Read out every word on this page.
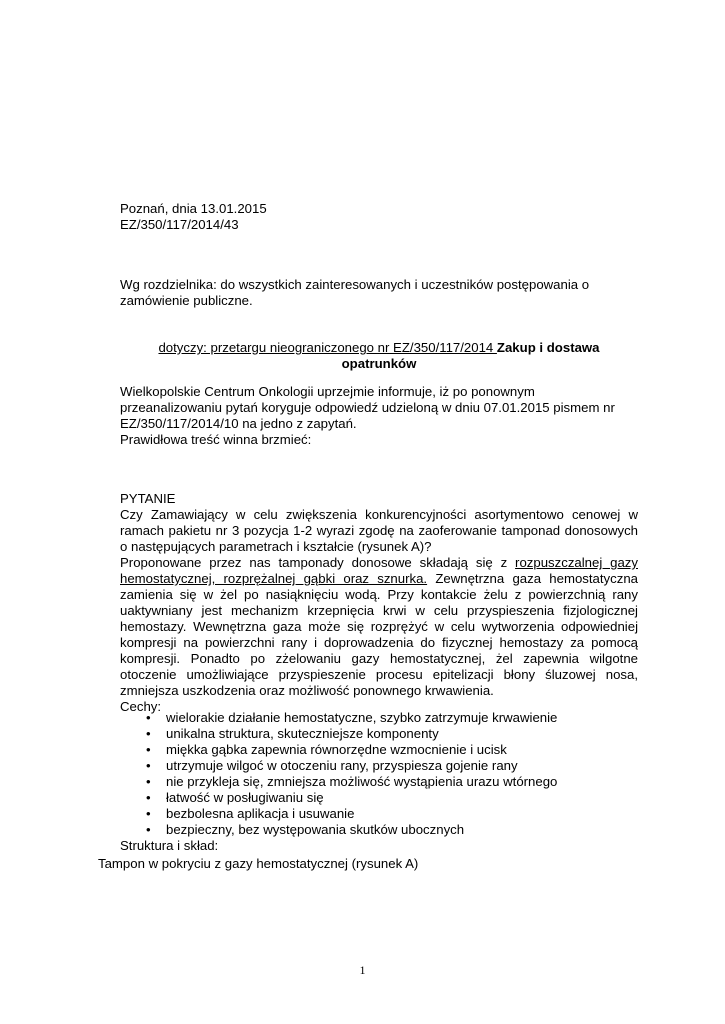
Poznań, dnia 13.01.2015
EZ/350/117/2014/43
Wg rozdzielnika: do wszystkich zainteresowanych i uczestników postępowania o
zamówienie publiczne.
dotyczy: przetargu nieograniczonego nr EZ/350/117/2014 Zakup i dostawa
opatrunków
Wielkopolskie Centrum Onkologii uprzejmie informuje, iż po ponownym
przeanalizowaniu pytań koryguje odpowiedź udzieloną w dniu 07.01.2015 pismem nr
EZ/350/117/2014/10 na jedno z zapytań.
Prawidłowa treść winna brzmieć:
PYTANIE
Czy Zamawiający w celu zwiększenia konkurencyjności asortymentowo cenowej w
ramach pakietu nr 3 pozycja 1-2 wyrazi zgodę na zaoferowanie tamponad donosowych
o następujących parametrach i kształcie (rysunek A)?
Proponowane przez nas tamponady donosowe składają się z rozpuszczalnej gazy
hemostatycznej, rozprężalnej gąbki oraz sznurka. Zewnętrzna gaza hemostatyczna
zamienia się w żel po nasiąknięciu wodą. Przy kontakcie żelu z powierzchnią rany
uaktywniany jest mechanizm krzepnięcia krwi w celu przyspieszenia fizjologicznej
hemostazy. Wewnętrzna gaza może się rozprężyć w celu wytworzenia odpowiedniej
kompresji na powierzchni rany i doprowadzenia do fizycznej hemostazy za pomocą
kompresji. Ponadto po zżelowaniu gazy hemostatycznej, żel zapewnia wilgotne
otoczenie umożliwiające przyspieszenie procesu epitelizacji błony śluzowej nosa,
zmniejsza uszkodzenia oraz możliwość ponownego krwawienia.
Cechy:
•	wielorakie działanie hemostatyczne, szybko zatrzymuje krwawienie
•	unikalna struktura, skuteczniejsze komponenty
•	miękka gąbka zapewnia równorzędne wzmocnienie i ucisk
•	utrzymuje wilgoć w otoczeniu rany, przyspiesza gojenie rany
•	nie przykleja się, zmniejsza możliwość wystąpienia urazu wtórnego
•	łatwość w posługiwaniu się
•	bezbolesna aplikacja i usuwanie
•	bezpieczny, bez występowania skutków ubocznych
Struktura i skład:
Tampon w pokryciu z gazy hemostatycznej (rysunek A)
1
